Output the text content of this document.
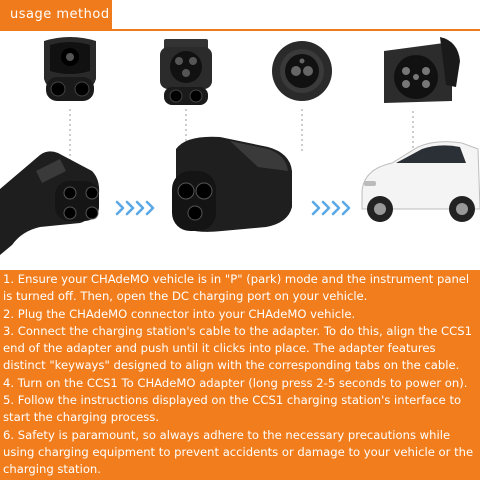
usage method
1. Ensure your CHAdeMO vehicle is in "P" (park) mode and the instrument panel is turned off. Then, open the DC charging port on your vehicle.
2. Plug the CHAdeMO connector into your CHAdeMO vehicle.
3. Connect the charging station's cable to the adapter. To do this, align the CCS1 end of the adapter and push until it clicks into place. The adapter features distinct "keyways" designed to align with the corresponding tabs on the cable.
4. Turn on the CCS1 To CHAdeMO adapter (long press 2-5 seconds to power on).
5. Follow the instructions displayed on the CCS1 charging station's interface to start the charging process.
6. Safety is paramount, so always adhere to the necessary precautions while using charging equipment to prevent accidents or damage to your vehicle or the charging station.
